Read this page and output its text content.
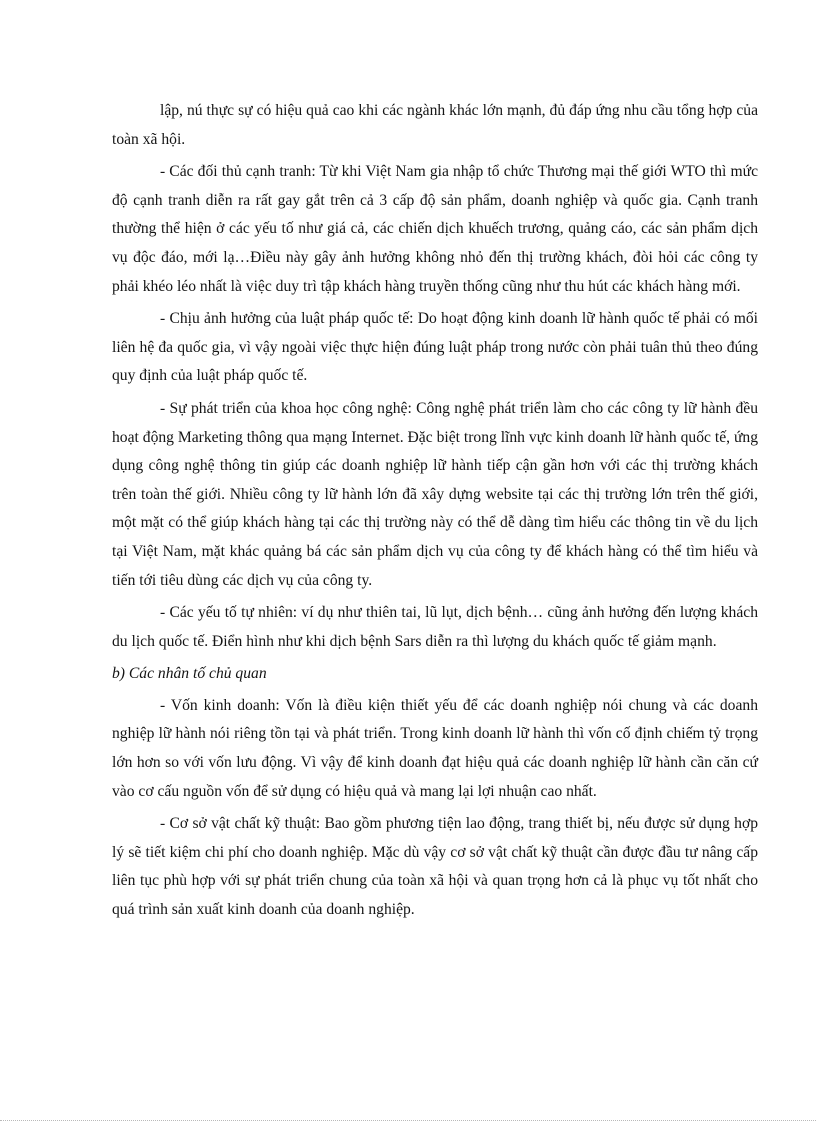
lập, nú thực sự có hiệu quả cao khi các ngành khác lớn mạnh, đủ đáp ứng nhu cầu tổng hợp của toàn xã hội.

- Các đối thủ cạnh tranh: Từ khi Việt Nam gia nhập tổ chức Thương mại thế giới WTO thì mức độ cạnh tranh diễn ra rất gay gắt trên cả 3 cấp độ sản phẩm, doanh nghiệp và quốc gia. Cạnh tranh thường thể hiện ở các yếu tố như giá cả, các chiến dịch khuếch trương, quảng cáo, các sản phẩm dịch vụ độc đáo, mới lạ…Điều này gây ảnh hưởng không nhỏ đến thị trường khách, đòi hỏi các công ty phải khéo léo nhất là việc duy trì tập khách hàng truyền thống cũng như thu hút các khách hàng mới.

- Chịu ảnh hưởng của luật pháp quốc tế: Do hoạt động kinh doanh lữ hành quốc tế phải có mối liên hệ đa quốc gia, vì vậy ngoài việc thực hiện đúng luật pháp trong nước còn phải tuân thủ theo đúng quy định của luật pháp quốc tế.

- Sự phát triển của khoa học công nghệ: Công nghệ phát triển làm cho các công ty lữ hành đều hoạt động Marketing thông qua mạng Internet. Đặc biệt trong lĩnh vực kinh doanh lữ hành quốc tế, ứng dụng công nghệ thông tin giúp các doanh nghiệp lữ hành tiếp cận gần hơn với các thị trường khách trên toàn thế giới. Nhiều công ty lữ hành lớn đã xây dựng website tại các thị trường lớn trên thế giới, một mặt có thể giúp khách hàng tại các thị trường này có thể dễ dàng tìm hiểu các thông tin về du lịch tại Việt Nam, mặt khác quảng bá các sản phẩm dịch vụ của công ty để khách hàng có thể tìm hiểu và tiến tới tiêu dùng các dịch vụ của công ty.

- Các yếu tố tự nhiên: ví dụ như thiên tai, lũ lụt, dịch bệnh… cũng ảnh hưởng đến lượng khách du lịch quốc tế. Điển hình như khi dịch bệnh Sars diễn ra thì lượng du khách quốc tế giảm mạnh.

b) Các nhân tố chủ quan

- Vốn kinh doanh: Vốn là điều kiện thiết yếu để các doanh nghiệp nói chung và các doanh nghiệp lữ hành nói riêng tồn tại và phát triển. Trong kinh doanh lữ hành thì vốn cố định chiếm tỷ trọng lớn hơn so với vốn lưu động. Vì vậy để kinh doanh đạt hiệu quả các doanh nghiệp lữ hành cần căn cứ vào cơ cấu nguồn vốn để sử dụng có hiệu quả và mang lại lợi nhuận cao nhất.

- Cơ sở vật chất kỹ thuật: Bao gồm phương tiện lao động, trang thiết bị, nếu được sử dụng hợp lý sẽ tiết kiệm chi phí cho doanh nghiệp. Mặc dù vậy cơ sở vật chất kỹ thuật cần được đầu tư nâng cấp liên tục phù hợp với sự phát triển chung của toàn xã hội và quan trọng hơn cả là phục vụ tốt nhất cho quá trình sản xuất kinh doanh của doanh nghiệp.
